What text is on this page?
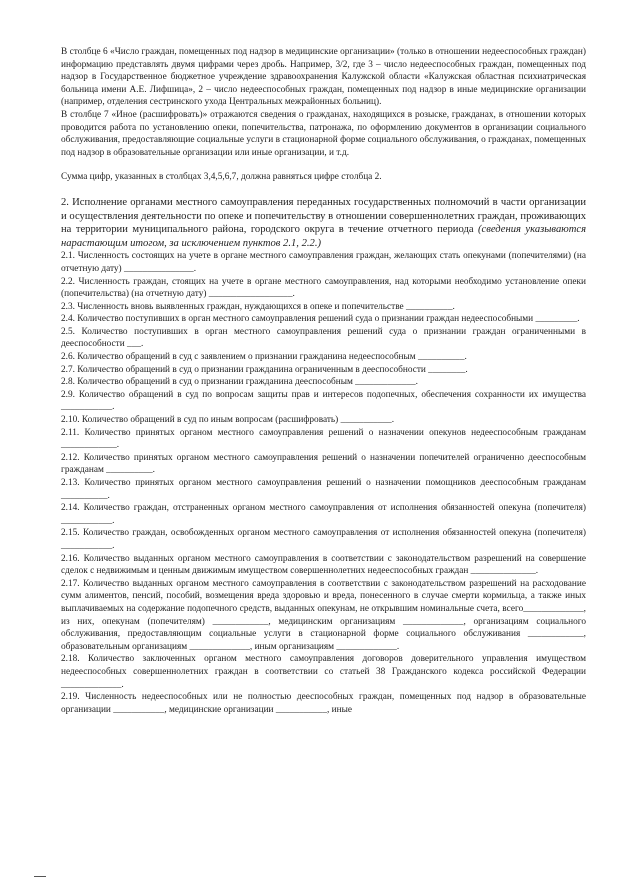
В столбце 6 «Число граждан, помещенных под надзор в медицинские организации» (только в отношении недееспособных граждан) информацию представлять двумя цифрами через дробь. Например, 3/2, где 3 – число недееспособных граждан, помещенных под надзор в Государственное бюджетное учреждение здравоохранения Калужской области «Калужская областная психиатрическая больница имени А.Е. Лифшица», 2 – число недееспособных граждан, помещенных под надзор в иные медицинские организации (например, отделения сестринского ухода Центральных межрайонных больниц).

В столбце 7 «Иное (расшифровать)» отражаются сведения о гражданах, находящихся в розыске, гражданах, в отношении которых проводится работа по установлению опеки, попечительства, патронажа, по оформлению документов в организации социального обслуживания, предоставляющие социальные услуги в стационарной форме социального обслуживания, о гражданах, помещенных под надзор в образовательные организации или иные организации, и т.д.

Сумма цифр, указанных в столбцах 3,4,5,6,7, должна равняться цифре столбца 2.

2. Исполнение органами местного самоуправления переданных государственных полномочий в части организации и осуществления деятельности по опеке и попечительству в отношении совершеннолетних граждан, проживающих на территории муниципального района, городского округа в течение отчетного периода (сведения указываются нарастающим итогом, за исключением пунктов 2.1, 2.2.)

2.1. Численность состоящих на учете в органе местного самоуправления граждан, желающих стать опекунами (попечителями) (на отчетную дату) _______________.

2.2. Численность граждан, стоящих на учете в органе местного самоуправления, над которыми необходимо установление опеки (попечительства) (на отчетную дату) __________________.

2.3. Численность вновь выявленных граждан, нуждающихся в опеке и попечительстве __________.

2.4. Количество поступивших в орган местного самоуправления решений суда о признании граждан недееспособными _________.

2.5. Количество поступивших в орган местного самоуправления решений суда о признании граждан ограниченными в дееспособности ___.

2.6. Количество обращений в суд с заявлением о признании гражданина недееспособным __________.

2.7. Количество обращений в суд о признании гражданина ограниченным в дееспособности ________.

2.8. Количество обращений в суд о признании гражданина дееспособным _____________.

2.9. Количество обращений в суд по вопросам защиты прав и интересов подопечных, обеспечения сохранности их имущества ___________.

2.10. Количество обращений в суд по иным вопросам (расшифровать) ___________.

2.11. Количество принятых органом местного самоуправления решений о назначении опекунов недееспособным гражданам ____________.

2.12. Количество принятых органом местного самоуправления решений о назначении попечителей ограниченно дееспособным гражданам __________.

2.13. Количество принятых органом местного самоуправления решений о назначении помощников дееспособным гражданам __________.

2.14. Количество граждан, отстраненных органом местного самоуправления от исполнения обязанностей опекуна (попечителя) ___________.

2.15. Количество граждан, освобожденных органом местного самоуправления от исполнения обязанностей опекуна (попечителя) ___________.

2.16. Количество выданных органом местного самоуправления в соответствии с законодательством разрешений на совершение сделок с недвижимым и ценным движимым имуществом совершеннолетних недееспособных граждан ______________.

2.17. Количество выданных органом местного самоуправления в соответствии с законодательством разрешений на расходование сумм алиментов, пенсий, пособий, возмещения вреда здоровью и вреда, понесенного в случае смерти кормильца, а также иных выплачиваемых на содержание подопечного средств, выданных опекунам, не открывшим номинальные счета, всего_____________, из них, опекунам (попечителям) ____________, медицинским организациям _____________, организациям социального обслуживания, предоставляющим социальные услуги в стационарной форме социального обслуживания ____________, образовательным организациям _____________, иным организациям _____________.

2.18. Количество заключенных органом местного самоуправления договоров доверительного управления имуществом недееспособных совершеннолетних граждан в соответствии со статьей 38 Гражданского кодекса российской Федерации _____________.

2.19. Численность недееспособных или не полностью дееспособных граждан, помещенных под надзор в образовательные организации ___________, медицинские организации ___________, иные
